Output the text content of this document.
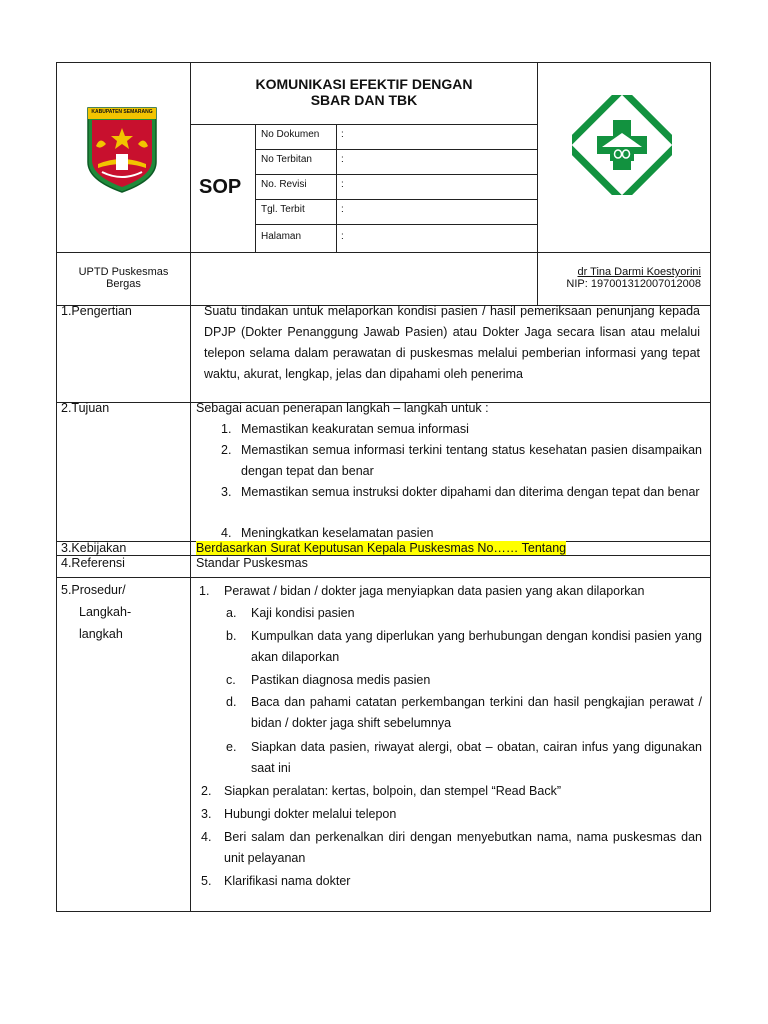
KABUPATEN SEMARANG
KOMUNIKASI EFEKTIF DENGAN
SBAR DAN TBK
SOP
No Dokumen :
No Terbitan	:
No. Revisi	:
Tgl. Terbit	:
Halaman	:
UPTD Puskesmas
Bergas
dr Tina Darmi Koestyorini
NIP: 197001312007012008
1.Pengertian	Suatu tindakan untuk melaporkan kondisi pasien / hasil pemeriksaan penunjang kepada DPJP (Dokter Penanggung Jawab Pasien) atau Dokter Jaga secara lisan atau melalui telepon selama dalam perawatan di puskesmas melalui pemberian informasi yang tepat waktu, akurat, lengkap, jelas dan dipahami oleh penerima
2.Tujuan	Sebagai acuan penerapan langkah – langkah untuk :
1. Memastikan keakuratan semua informasi
2. Memastikan semua informasi terkini tentang status kesehatan pasien disampaikan dengan tepat dan benar
3. Memastikan semua instruksi dokter dipahami dan diterima dengan tepat dan benar
4. Meningkatkan keselamatan pasien
3.Kebijakan	Berdasarkan Surat Keputusan Kepala Puskesmas No…… Tentang
4.Referensi	Standar Puskesmas
5.Prosedur/
Langkah-
langkah
1. Perawat / bidan / dokter jaga menyiapkan data pasien yang akan dilaporkan
a. Kaji kondisi pasien
b. Kumpulkan data yang diperlukan yang berhubungan dengan kondisi pasien yang akan dilaporkan
c. Pastikan diagnosa medis pasien
d. Baca dan pahami catatan perkembangan terkini dan hasil pengkajian perawat / bidan / dokter jaga shift sebelumnya
e. Siapkan data pasien, riwayat alergi, obat – obatan, cairan infus yang digunakan saat ini
2. Siapkan peralatan: kertas, bolpoin, dan stempel “Read Back”
3. Hubungi dokter melalui telepon
4. Beri salam dan perkenalkan diri dengan menyebutkan nama, nama puskesmas dan unit pelayanan
5. Klarifikasi nama dokter
